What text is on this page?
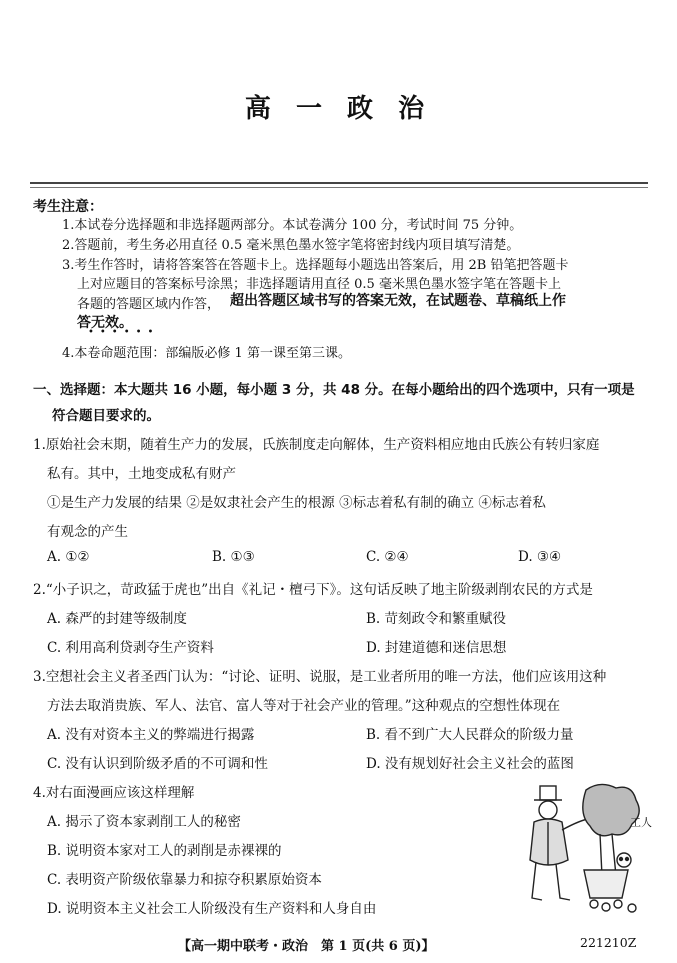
高 一 政 治
考生注意：
1.本试卷分选择题和非选择题两部分。本试卷满分 100 分，考试时间 75 分钟。
2.答题前，考生务必用直径 0.5 毫米黑色墨水签字笔将密封线内项目填写清楚。
3.考生作答时，请将答案答在答题卡上。选择题每小题选出答案后，用 2B 铅笔把答题卡
上对应题目的答案标号涂黑；非选择题请用直径 0.5 毫米黑色墨水签字笔在答题卡上
各题的答题区域内作答， 超出答题区域书写的答案无效，在试题卷、草稿纸上作
答无效。
••••••
4.本卷命题范围：部编版必修 1 第一课至第三课。
一、选择题：本大题共 16 小题，每小题 3 分，共 48 分。在每小题给出的四个选项中，只有一项是
符合题目要求的。
1.原始社会末期，随着生产力的发展，氏族制度走向解体，生产资料相应地由氏族公有转归家庭
私有。其中，土地变成私有财产
①是生产力发展的结果 ②是奴隶社会产生的根源 ③标志着私有制的确立 ④标志着私
有观念的产生
A. ①②	B. ①③	C. ②④	D. ③④
2.“小子识之，苛政猛于虎也”出自《礼记・檀弓下》。这句话反映了地主阶级剥削农民的方式是
A. 森严的封建等级制度	B. 苛刻政令和繁重赋役
C. 利用高利贷剥夺生产资料	D. 封建道德和迷信思想
3.空想社会主义者圣西门认为：“讨论、证明、说服，是工业者所用的唯一方法，他们应该用这种
方法去取消贵族、军人、法官、富人等对于社会产业的管理。”这种观点的空想性体现在
A. 没有对资本主义的弊端进行揭露	B. 看不到广大人民群众的阶级力量
C. 没有认识到阶级矛盾的不可调和性	D. 没有规划好社会主义社会的蓝图
4.对右面漫画应该这样理解
A. 揭示了资本家剥削工人的秘密
B. 说明资本家对工人的剥削是赤裸裸的
C. 表明资产阶级依靠暴力和掠夺积累原始资本
D. 说明资本主义社会工人阶级没有生产资料和人身自由
工人
【高一期中联考・政治　第 1 页(共 6 页)】	221210Z
